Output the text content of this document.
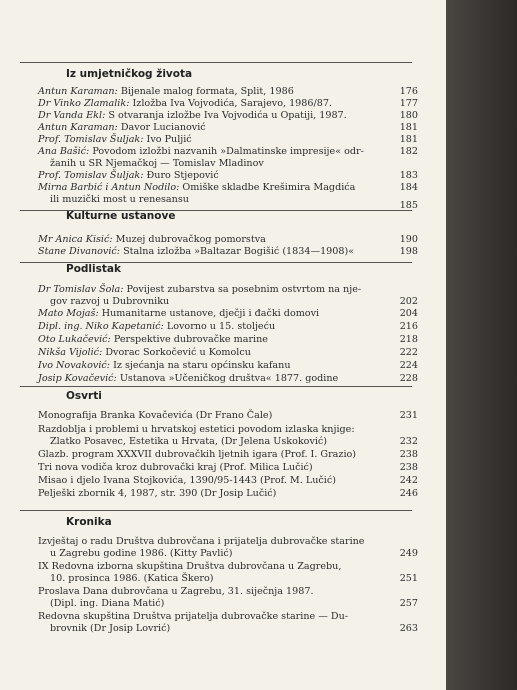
Iz umjetničkog života
Antun Karaman: Bijenale malog formata, Split, 1986	176
Dr Vinko Zlamalik: Izložba Iva Vojvodića, Sarajevo, 1986/87.	177
Dr Vanda Ekl: S otvaranja izložbe Iva Vojvodića u Opatiji, 1987.	180
Antun Karaman: Davor Lucianović	181
Prof. Tomislav Šuljak: Ivo Puljić	181
Ana Bašić: Povodom izložbi nazvanih »Dalmatinske impresije« odr-	182
žanih u SR Njemačkoj — Tomislav Mladinov
Prof. Tomislav Šuljak: Đuro Stjepović	183
Mirna Barbić i Antun Nodilo: Omiške skladbe Krešimira Magdića	184
ili muzički most u renesansu
185
Kulturne ustanove
Mr Anica Kisić: Muzej dubrovačkog pomorstva	190
Stane Divanović: Stalna izložba »Baltazar Bogišić (1834—1908)«	198
Podlistak
Dr Tomislav Šola: Povijest zubarstva sa posebnim ostvrtom na nje-
gov razvoj u Dubrovniku	202
Mato Mojaš: Humanitarne ustanove, dječji i đački domovi	204
Dipl. ing. Niko Kapetanić: Lovorno u 15. stoljeću	216
Oto Lukačević: Perspektive dubrovačke marine	218
Nikša Vijolić: Dvorac Sorkočević u Komolcu	222
Ivo Novaković: Iz sjećanja na staru općinsku kafanu	224
Josip Kovačević: Ustanova »Učeničkog društva« 1877. godine	228
Osvrti
Monografija Branka Kovačevića (Dr Frano Čale)	231
Razdoblja i problemi u hrvatskoj estetici povodom izlaska knjige:
Zlatko Posavec, Estetika u Hrvata, (Dr Jelena Uskoković)	232
Glazb. program XXXVII dubrovačkih ljetnih igara (Prof. I. Grazio)	238
Tri nova vodiča kroz dubrovački kraj (Prof. Milica Lučić)	238
Misao i djelo Ivana Stojkovića, 1390/95-1443 (Prof. M. Lučić)	242
Pelješki zbornik 4, 1987, str. 390 (Dr Josip Lučić)	246
Kronika
Izvještaj o radu Društva dubrovčana i prijatelja dubrovačke starine
u Zagrebu godine 1986. (Kitty Pavlić)	249
IX Redovna izborna skupština Društva dubrovčana u Zagrebu,
10. prosinca 1986. (Katica Škero)	251
Proslava Dana dubrovčana u Zagrebu, 31. siječnja 1987.
(Dipl. ing. Diana Matić)	257
Redovna skupština Društva prijatelja dubrovačke starine — Du-
brovnik (Dr Josip Lovrić)	263
